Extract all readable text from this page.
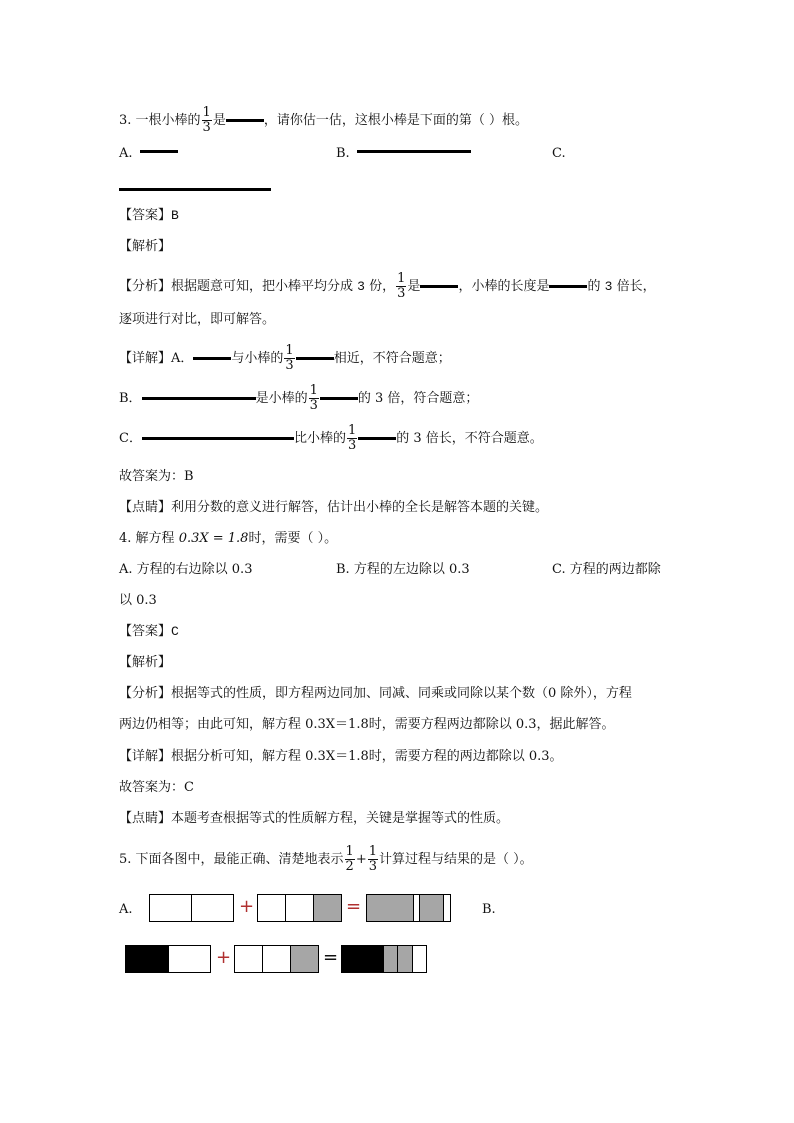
3. 一根小棒的 $\frac{1}{3}$ 是	，请你估一估，这根小棒是下面的第（ ）根。
A.	B.	C.
【答案】B
【解析】
【分析】根据题意可知，把小棒平均分成 3 份， $\frac{1}{3}$ 是	，小棒的长度是	的 3 倍长，
逐项进行对比，即可解答。
【详解】A．	与小棒的 $\frac{1}{3}$	相近，不符合题意；
B．	是小棒的 $\frac{1}{3}$	的 3 倍，符合题意；
C．	比小棒的 $\frac{1}{3}$	的 3 倍长，不符合题意。
故答案为：B
【点睛】利用分数的意义进行解答，估计出小棒的全长是解答本题的关键。
4. 解方程 0.3X = 1.8时，需要（ ）。
A. 方程的右边除以 0.3	B. 方程的左边除以 0.3	C. 方程的两边都除
以 0.3
【答案】C
【解析】
【分析】根据等式的性质，即方程两边同加、同减、同乘或同除以某个数（0 除外），方程
两边仍相等；由此可知，解方程 0.3X＝1.8时，需要方程两边都除以 0.3，据此解答。
【详解】根据分析可知，解方程 0.3X＝1.8时，需要方程的两边都除以 0.3。
故答案为：C
【点睛】本题考查根据等式的性质解方程，关键是掌握等式的性质。
5. 下面各图中，最能正确、清楚地表示 $\frac{1}{2} + \frac{1}{3}$ 计算过程与结果的是（ ）。
A.	+	=	B.
+	=
